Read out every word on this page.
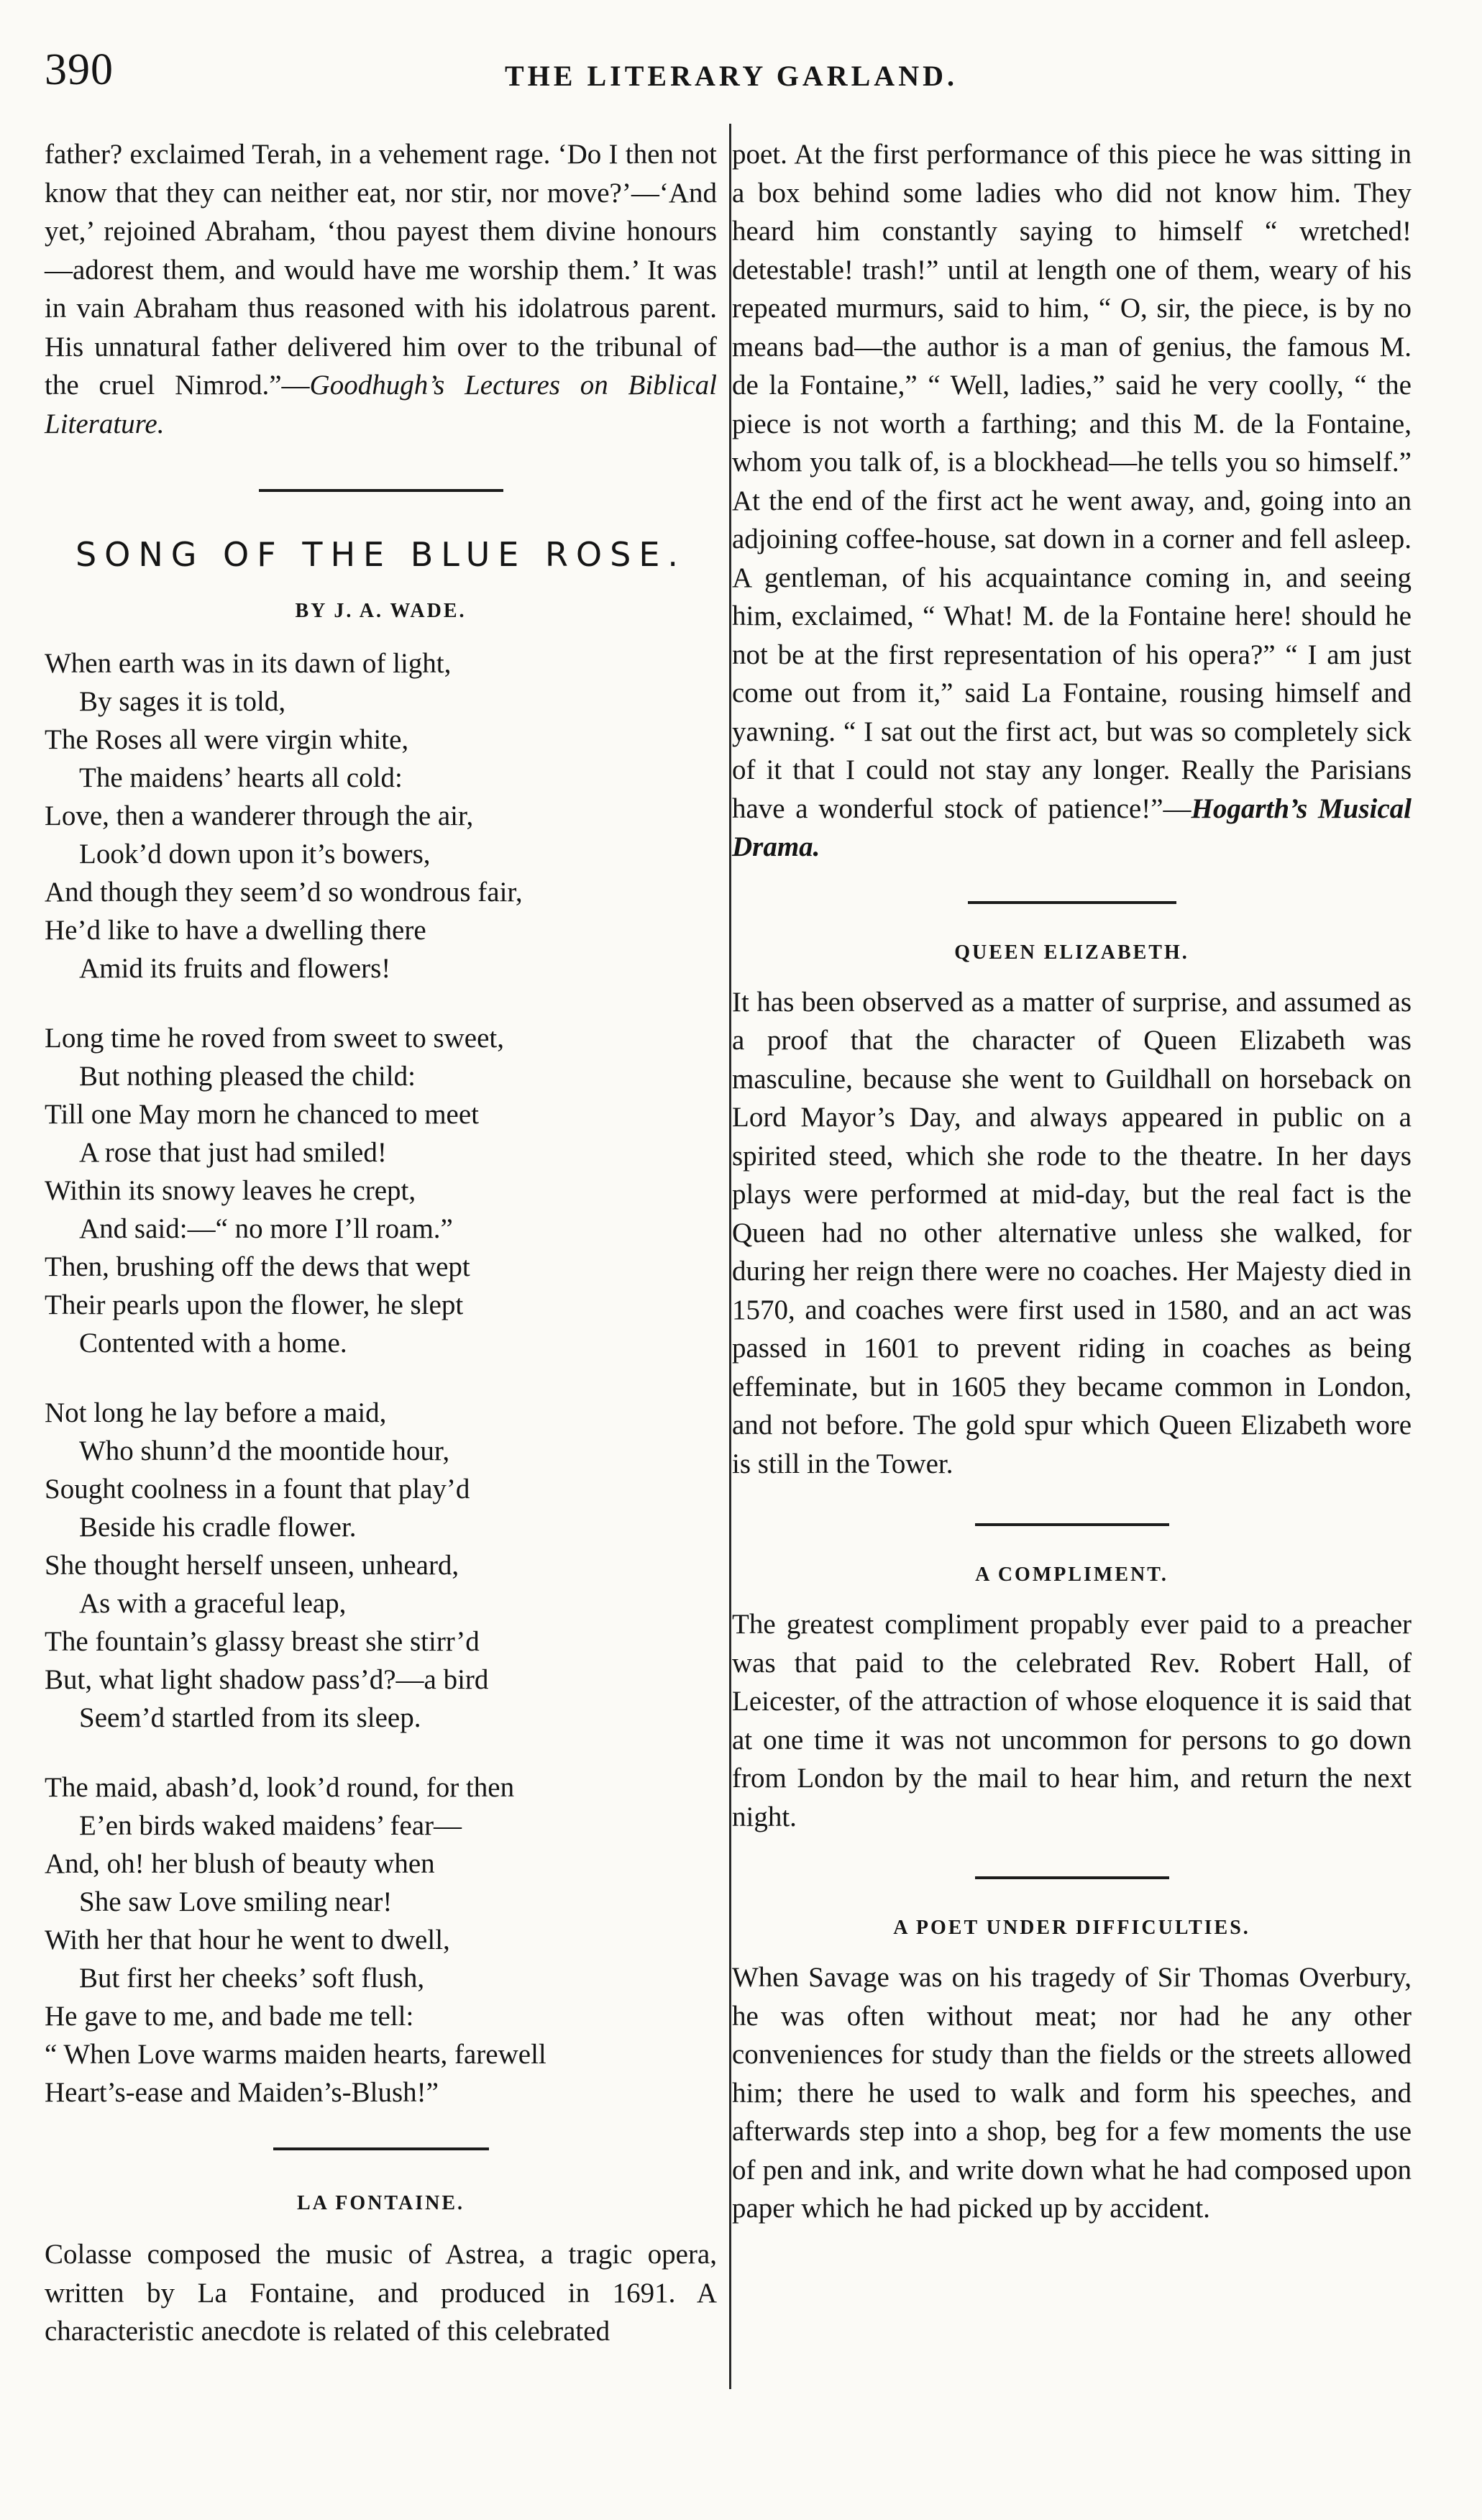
390	THE LITERARY GARLAND.

father? exclaimed Terah, in a vehement rage. ‘Do I then not know that they can neither eat, nor stir, nor move?’—‘And yet,’ rejoined Abraham, ‘thou payest them divine honours—adorest them, and would have me worship them.’ It was in vain Abraham thus reasoned with his idolatrous parent. His unnatural father delivered him over to the tribunal of the cruel Nimrod.”—Goodhugh’s Lectures on Biblical Literature.

SONG OF THE BLUE ROSE.

BY J. A. WADE.

When earth was in its dawn of light,
By sages it is told,
The Roses all were virgin white,
The maidens’ hearts all cold:
Love, then a wanderer through the air,
Look’d down upon it’s bowers,
And though they seem’d so wondrous fair,
He’d like to have a dwelling there
Amid its fruits and flowers!
Long time he roved from sweet to sweet,
But nothing pleased the child:
Till one May morn he chanced to meet
A rose that just had smiled!
Within its snowy leaves he crept,
And said:—“ no more I’ll roam.”
Then, brushing off the dews that wept
Their pearls upon the flower, he slept
Contented with a home.
Not long he lay before a maid,
Who shunn’d the moontide hour,
Sought coolness in a fount that play’d
Beside his cradle flower.
She thought herself unseen, unheard,
As with a graceful leap,
The fountain’s glassy breast she stirr’d
But, what light shadow pass’d?—a bird
Seem’d startled from its sleep.
The maid, abash’d, look’d round, for then
E’en birds waked maidens’ fear—
And, oh! her blush of beauty when
She saw Love smiling near!
With her that hour he went to dwell,
But first her cheeks’ soft flush,
He gave to me, and bade me tell:
“ When Love warms maiden hearts, farewell
Heart’s-ease and Maiden’s-Blush!”

LA FONTAINE.

Colasse composed the music of Astrea, a tragic opera, written by La Fontaine, and produced in 1691. A characteristic anecdote is related of this celebrated

poet. At the first performance of this piece he was sitting in a box behind some ladies who did not know him. They heard him constantly saying to himself “ wretched! detestable! trash!” until at length one of them, weary of his repeated murmurs, said to him, “ O, sir, the piece, is by no means bad—the author is a man of genius, the famous M. de la Fontaine,” “ Well, ladies,” said he very coolly, “ the piece is not worth a farthing; and this M. de la Fontaine, whom you talk of, is a blockhead—he tells you so himself.” At the end of the first act he went away, and, going into an adjoining coffee-house, sat down in a corner and fell asleep. A gentleman, of his acquaintance coming in, and seeing him, exclaimed, “ What! M. de la Fontaine here! should he not be at the first representation of his opera?” “ I am just come out from it,” said La Fontaine, rousing himself and yawning. “ I sat out the first act, but was so completely sick of it that I could not stay any longer. Really the Parisians have a wonderful stock of patience!”—Hogarth’s Musical Drama.

QUEEN ELIZABETH.

It has been observed as a matter of surprise, and assumed as a proof that the character of Queen Elizabeth was masculine, because she went to Guildhall on horseback on Lord Mayor’s Day, and always appeared in public on a spirited steed, which she rode to the theatre. In her days plays were performed at mid-day, but the real fact is the Queen had no other alternative unless she walked, for during her reign there were no coaches. Her Majesty died in 1570, and coaches were first used in 1580, and an act was passed in 1601 to prevent riding in coaches as being effeminate, but in 1605 they became common in London, and not before. The gold spur which Queen Elizabeth wore is still in the Tower.

A COMPLIMENT.

The greatest compliment propably ever paid to a preacher was that paid to the celebrated Rev. Robert Hall, of Leicester, of the attraction of whose eloquence it is said that at one time it was not uncommon for persons to go down from London by the mail to hear him, and return the next night.

A POET UNDER DIFFICULTIES.

When Savage was on his tragedy of Sir Thomas Overbury, he was often without meat; nor had he any other conveniences for study than the fields or the streets allowed him; there he used to walk and form his speeches, and afterwards step into a shop, beg for a few moments the use of pen and ink, and write down what he had composed upon paper which he had picked up by accident.
